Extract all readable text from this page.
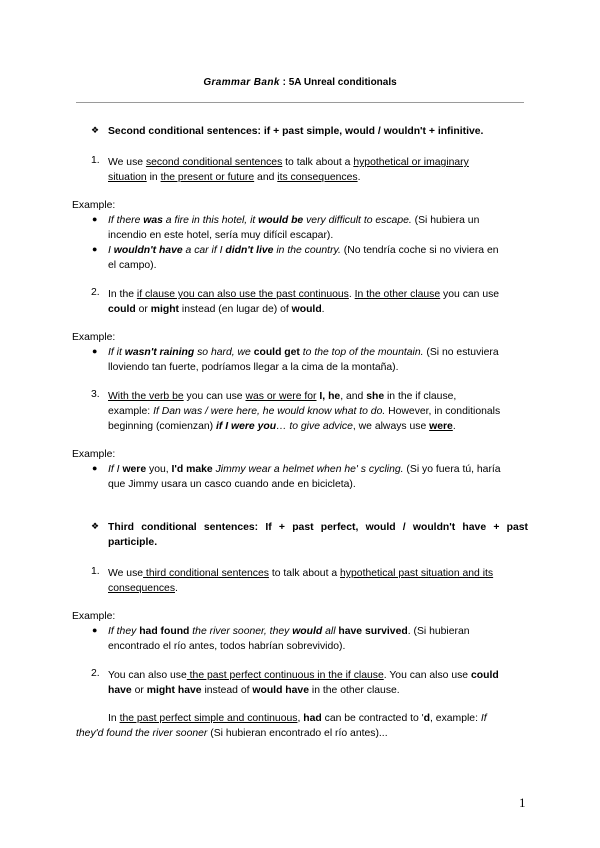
Grammar Bank : 5A Unreal conditionals
❖ Second conditional sentences: if + past simple, would / wouldn't + infinitive.
1. We use second conditional sentences to talk about a hypothetical or imaginary
situation in the present or future and its consequences.
Example:
● If there was a fire in this hotel, it would be very difficult to escape. (Si hubiera un
incendio en este hotel, sería muy difícil escapar).
● I wouldn't have a car if I didn't live in the country. (No tendría coche si no viviera en
el campo).
2. In the if clause you can also use the past continuous. In the other clause you can use
could or might instead (en lugar de) of would.
Example:
● If it wasn't raining so hard, we could get to the top of the mountain. (Si no estuviera
lloviendo tan fuerte, podríamos llegar a la cima de la montaña).
3. With the verb be you can use was or were for I, he, and she in the if clause,
example: If Dan was / were here, he would know what to do. However, in conditionals
beginning (comienzan) if I were you… to give advice, we always use were.
Example:
● If I were you, I'd make Jimmy wear a helmet when he' s cycling. (Si yo fuera tú, haría
que Jimmy usara un casco cuando ande en bicicleta).
❖ Third conditional sentences: If + past perfect, would / wouldn't have + past
participle.
1. We use third conditional sentences to talk about a hypothetical past situation and its
consequences.
Example:
● If they had found the river sooner, they would all have survived. (Si hubieran
encontrado el río antes, todos habrían sobrevivido).
2. You can also use the past perfect continuous in the if clause. You can also use could
have or might have instead of would have in the other clause.
In the past perfect simple and continuous, had can be contracted to 'd, example: If
they'd found the river sooner (Si hubieran encontrado el río antes)...
1
